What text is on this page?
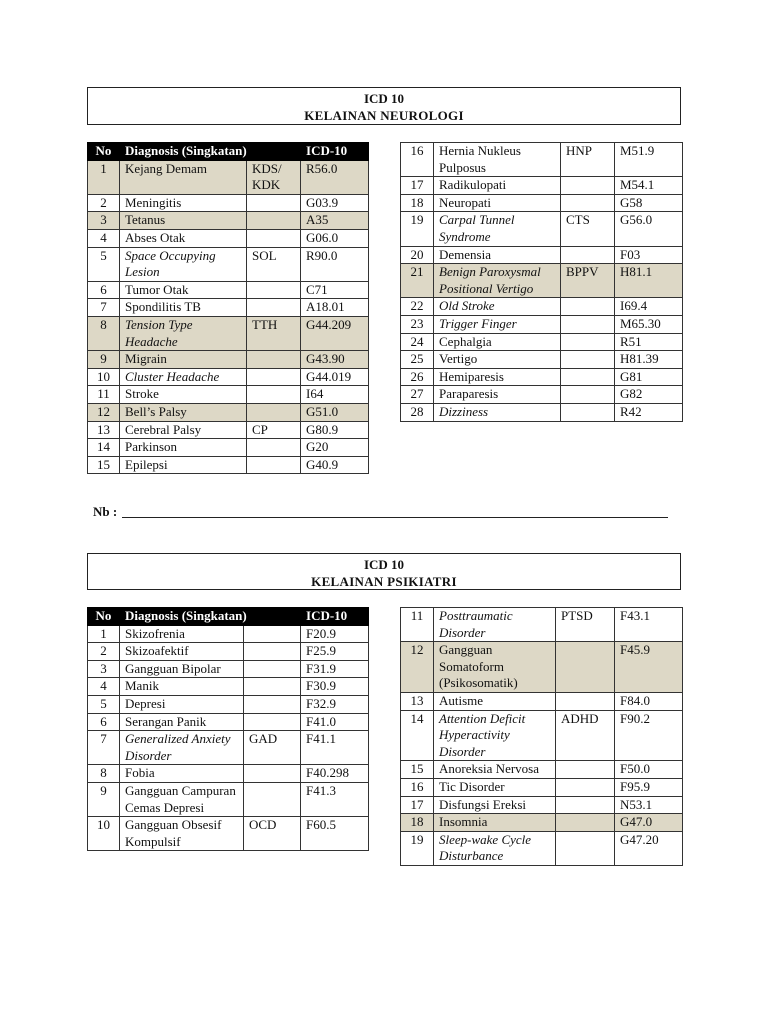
ICD 10
KELAINAN NEUROLOGI
No	Diagnosis (Singkatan)		ICD-10
1	Kejang Demam	KDS/ KDK	R56.0
2	Meningitis		G03.9
3	Tetanus		A35
4	Abses Otak		G06.0
5	Space Occupying Lesion	SOL	R90.0
6	Tumor Otak		C71
7	Spondilitis TB		A18.01
8	Tension Type Headache	TTH	G44.209
9	Migrain		G43.90
10	Cluster Headache		G44.019
11	Stroke		I64
12	Bell’s Palsy		G51.0
13	Cerebral Palsy	CP	G80.9
14	Parkinson		G20
15	Epilepsi		G40.9
16	Hernia Nukleus Pulposus	HNP	M51.9
17	Radikulopati		M54.1
18	Neuropati		G58
19	Carpal Tunnel Syndrome	CTS	G56.0
20	Demensia		F03
21	Benign Paroxysmal Positional Vertigo	BPPV	H81.1
22	Old Stroke		I69.4
23	Trigger Finger		M65.30
24	Cephalgia		R51
25	Vertigo		H81.39
26	Hemiparesis		G81
27	Paraparesis		G82
28	Dizziness		R42
Nb :
ICD 10
KELAINAN PSIKIATRI
No	Diagnosis (Singkatan)		ICD-10
1	Skizofrenia		F20.9
2	Skizoafektif		F25.9
3	Gangguan Bipolar		F31.9
4	Manik		F30.9
5	Depresi		F32.9
6	Serangan Panik		F41.0
7	Generalized Anxiety Disorder	GAD	F41.1
8	Fobia		F40.298
9	Gangguan Campuran Cemas Depresi		F41.3
10	Gangguan Obsesif Kompulsif	OCD	F60.5
11	Posttraumatic Disorder	PTSD	F43.1
12	Gangguan Somatoform (Psikosomatik)		F45.9
13	Autisme		F84.0
14	Attention Deficit Hyperactivity Disorder	ADHD	F90.2
15	Anoreksia Nervosa		F50.0
16	Tic Disorder		F95.9
17	Disfungsi Ereksi		N53.1
18	Insomnia		G47.0
19	Sleep-wake Cycle Disturbance		G47.20
